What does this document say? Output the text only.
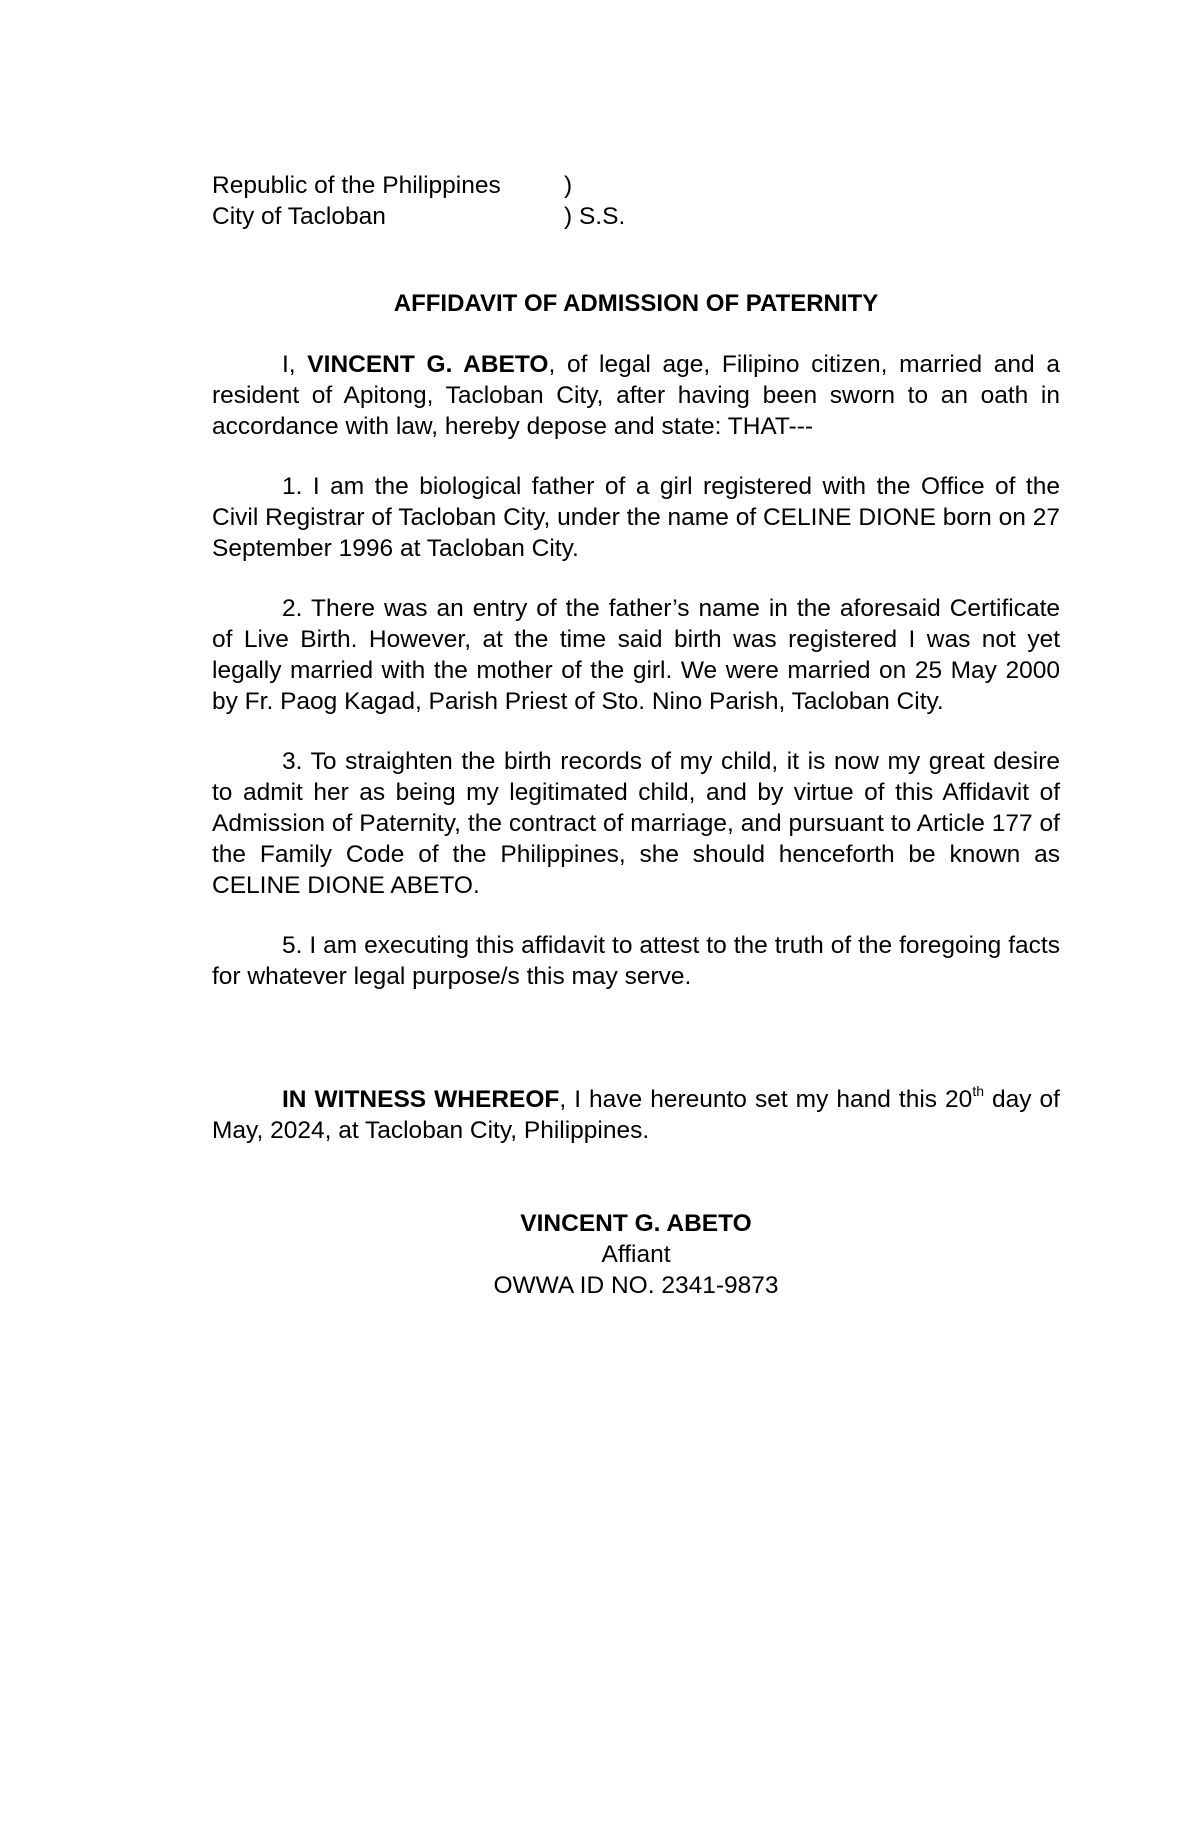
Republic of the Philippines	)
City of Tacloban	) S.S.
AFFIDAVIT OF ADMISSION OF PATERNITY

I, VINCENT G. ABETO, of legal age, Filipino citizen, married and a resident of Apitong, Tacloban City, after having been sworn to an oath in accordance with law, hereby depose and state: THAT---

1. I am the biological father of a girl registered with the Office of the Civil Registrar of Tacloban City, under the name of CELINE DIONE born on 27 September 1996 at Tacloban City.

2. There was an entry of the father’s name in the aforesaid Certificate of Live Birth. However, at the time said birth was registered I was not yet legally married with the mother of the girl. We were married on 25 May 2000 by Fr. Paog Kagad, Parish Priest of Sto. Nino Parish, Tacloban City.

3. To straighten the birth records of my child, it is now my great desire to admit her as being my legitimated child, and by virtue of this Affidavit of Admission of Paternity, the contract of marriage, and pursuant to Article 177 of the Family Code of the Philippines, she should henceforth be known as CELINE DIONE ABETO.

5. I am executing this affidavit to attest to the truth of the foregoing facts for whatever legal purpose/s this may serve.

IN WITNESS WHEREOF, I have hereunto set my hand this 20th day of May, 2024, at Tacloban City, Philippines.

VINCENT G. ABETO
Affiant
OWWA ID NO. 2341-9873
